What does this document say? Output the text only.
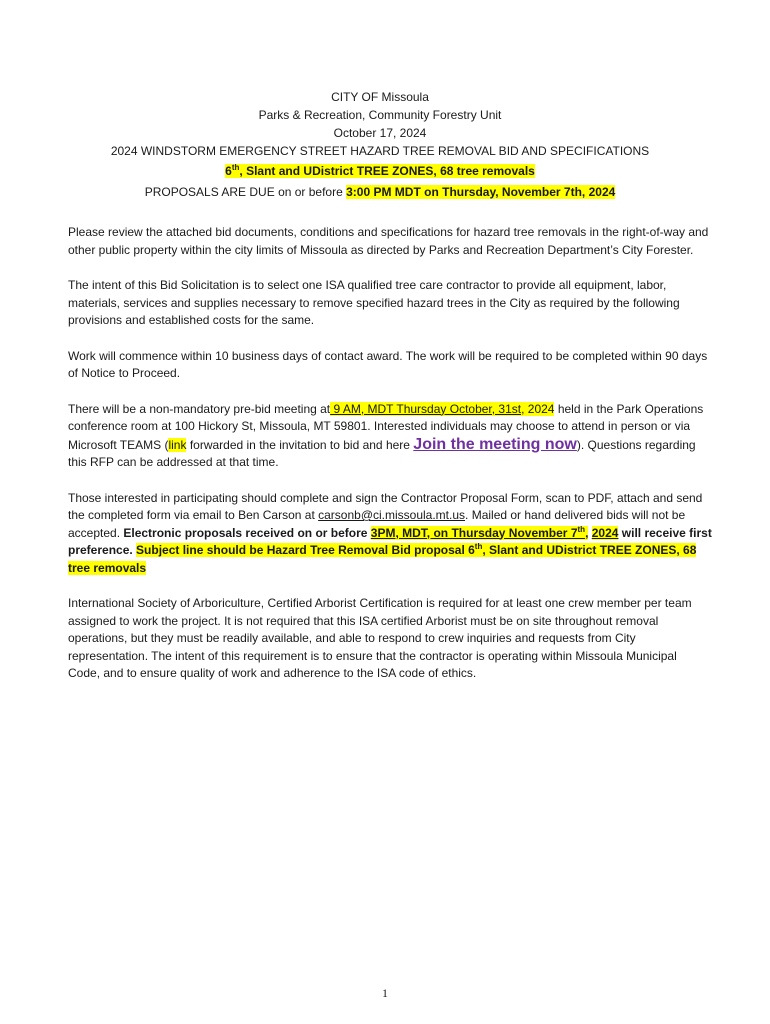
CITY OF Missoula
Parks & Recreation, Community Forestry Unit
October 17, 2024
2024 WINDSTORM EMERGENCY STREET HAZARD TREE REMOVAL BID AND SPECIFICATIONS
6th, Slant and UDistrict TREE ZONES, 68 tree removals
PROPOSALS ARE DUE on or before 3:00 PM MDT on Thursday, November 7th, 2024

Please review the attached bid documents, conditions and specifications for hazard tree removals in the right-of-way and other public property within the city limits of Missoula as directed by Parks and Recreation Department’s City Forester.

The intent of this Bid Solicitation is to select one ISA qualified tree care contractor to provide all equipment, labor, materials, services and supplies necessary to remove specified hazard trees in the City as required by the following provisions and established costs for the same.

Work will commence within 10 business days of contact award. The work will be required to be completed within 90 days of Notice to Proceed.

There will be a non-mandatory pre-bid meeting at 9 AM, MDT Thursday October, 31st, 2024 held in the Park Operations conference room at 100 Hickory St, Missoula, MT 59801. Interested individuals may choose to attend in person or via Microsoft TEAMS (link forwarded in the invitation to bid and here Join the meeting now). Questions regarding this RFP can be addressed at that time.

Those interested in participating should complete and sign the Contractor Proposal Form, scan to PDF, attach and send the completed form via email to Ben Carson at carsonb@ci.missoula.mt.us. Mailed or hand delivered bids will not be accepted. Electronic proposals received on or before 3PM, MDT, on Thursday November 7th, 2024 will receive first preference. Subject line should be Hazard Tree Removal Bid proposal 6th, Slant and UDistrict TREE ZONES, 68 tree removals

International Society of Arboriculture, Certified Arborist Certification is required for at least one crew member per team assigned to work the project. It is not required that this ISA certified Arborist must be on site throughout removal operations, but they must be readily available, and able to respond to crew inquiries and requests from City representation. The intent of this requirement is to ensure that the contractor is operating within Missoula Municipal Code, and to ensure quality of work and adherence to the ISA code of ethics.

1
